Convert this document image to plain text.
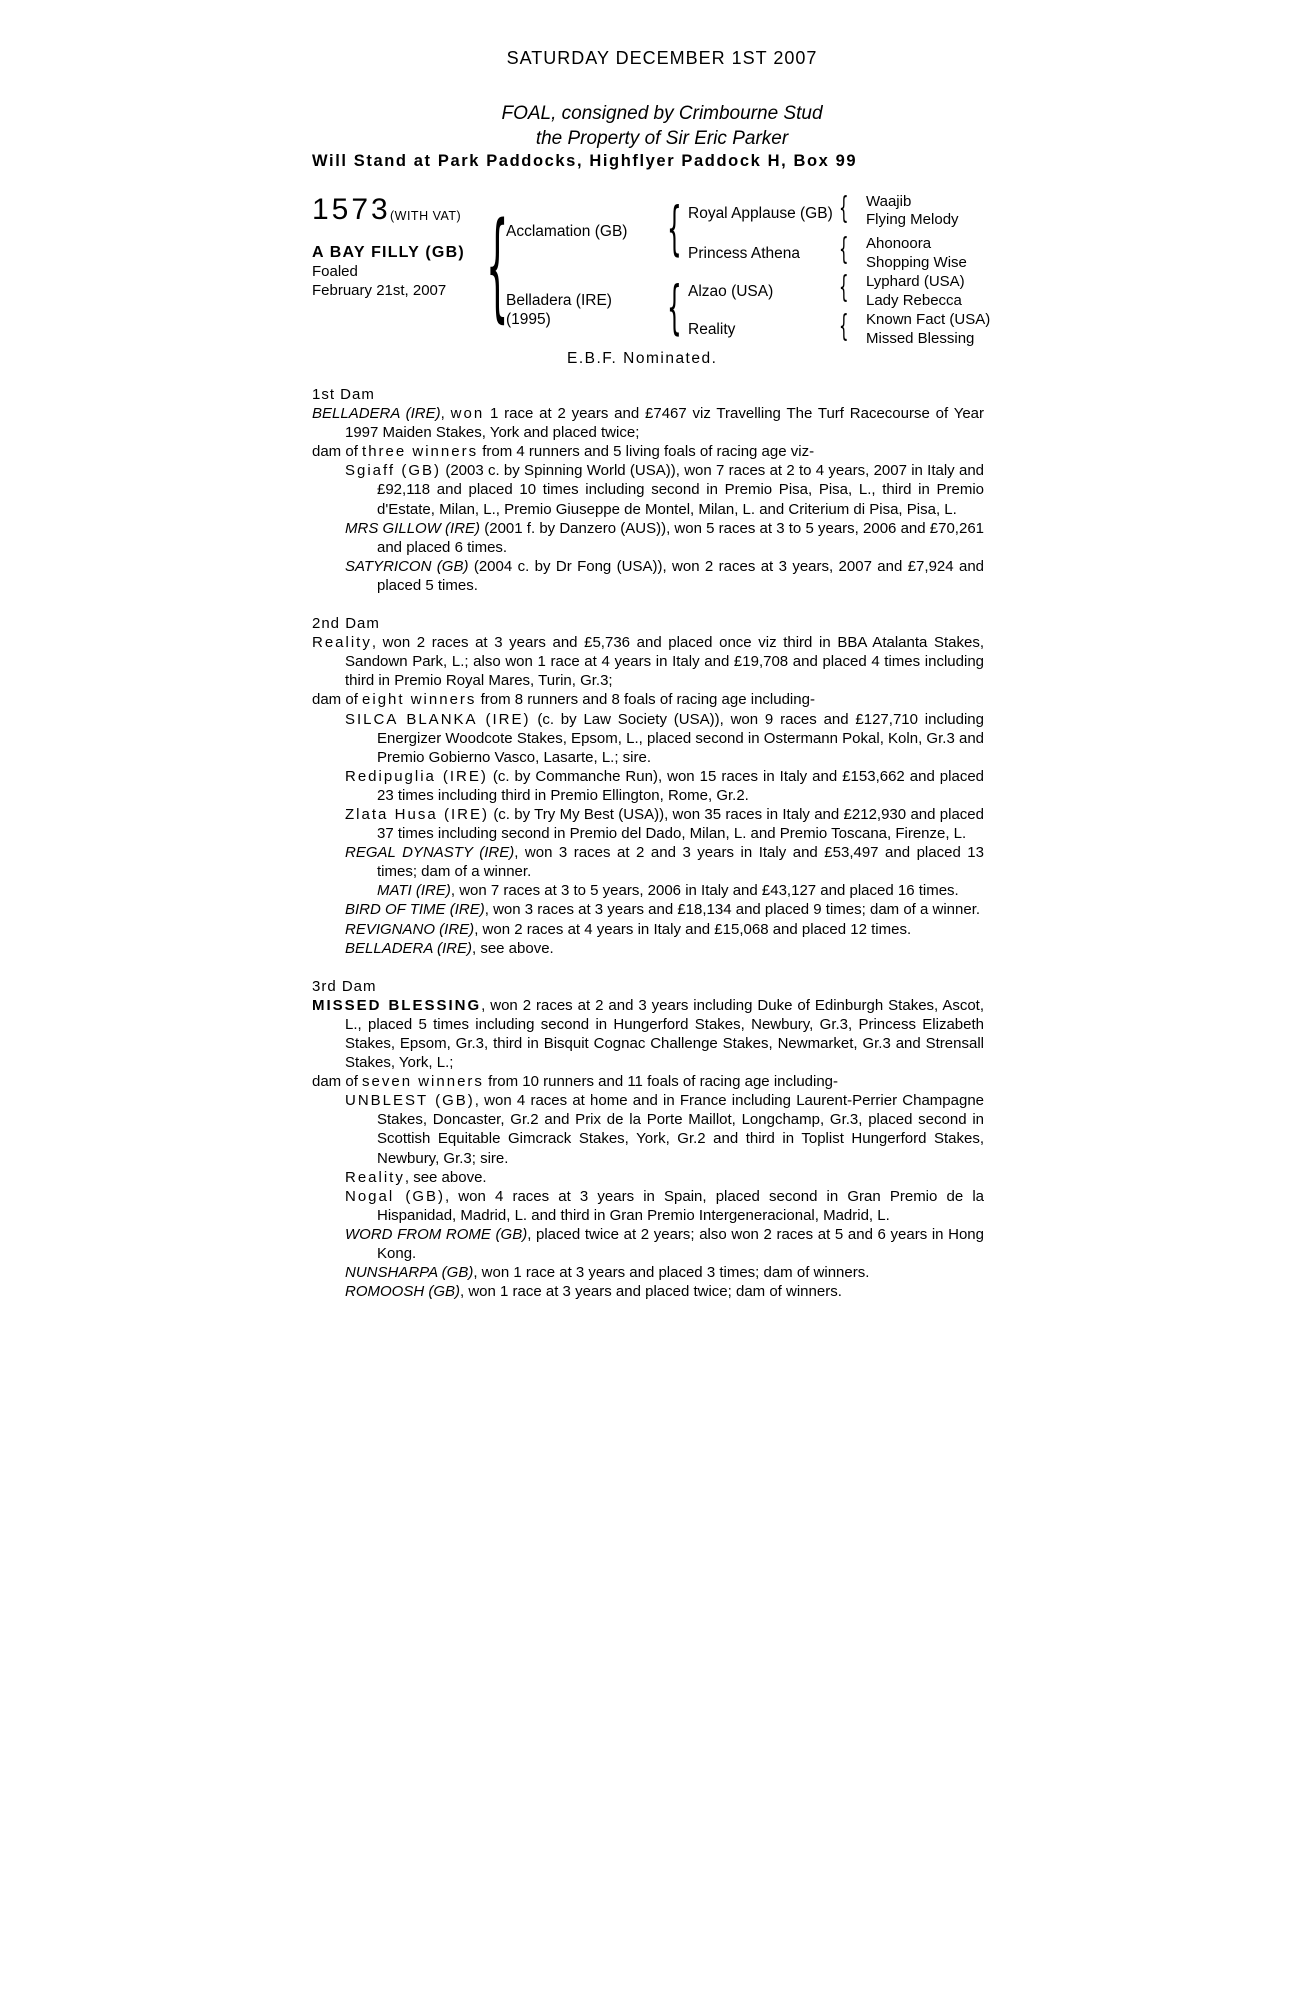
SATURDAY DECEMBER 1ST 2007
FOAL, consigned by Crimbourne Stud
the Property of Sir Eric Parker
Will Stand at Park Paddocks, Highflyer Paddock H, Box 99
1573 (WITH VAT)
A BAY FILLY (GB)
Foaled
February 21st, 2007 {	{
{
{
{
{
{
Acclamation (GB)
Belladera (IRE)
(1995)
Royal Applause (GB)
Princess Athena
Alzao (USA)
Reality
Waajib
Flying Melody
Ahonoora
Shopping Wise
Lyphard (USA)
Lady Rebecca
Known Fact (USA)
Missed Blessing
E.B.F. Nominated.

1st Dam

BELLADERA (IRE), won 1 race at 2 years and £7467 viz Travelling The Turf Racecourse of Year 1997 Maiden Stakes, York and placed twice;

dam of three winners from 4 runners and 5 living foals of racing age viz-

Sgiaff (GB) (2003 c. by Spinning World (USA)), won 7 races at 2 to 4 years, 2007 in Italy and £92,118 and placed 10 times including second in Premio Pisa, Pisa, L., third in Premio d'Estate, Milan, L., Premio Giuseppe de Montel, Milan, L. and Criterium di Pisa, Pisa, L.

MRS GILLOW (IRE) (2001 f. by Danzero (AUS)), won 5 races at 3 to 5 years, 2006 and £70,261 and placed 6 times.

SATYRICON (GB) (2004 c. by Dr Fong (USA)), won 2 races at 3 years, 2007 and £7,924 and placed 5 times.

2nd Dam

Reality, won 2 races at 3 years and £5,736 and placed once viz third in BBA Atalanta Stakes, Sandown Park, L.; also won 1 race at 4 years in Italy and £19,708 and placed 4 times including third in Premio Royal Mares, Turin, Gr.3;

dam of eight winners from 8 runners and 8 foals of racing age including-

SILCA BLANKA (IRE) (c. by Law Society (USA)), won 9 races and £127,710 including Energizer Woodcote Stakes, Epsom, L., placed second in Ostermann Pokal, Koln, Gr.3 and Premio Gobierno Vasco, Lasarte, L.; sire.

Redipuglia (IRE) (c. by Commanche Run), won 15 races in Italy and £153,662 and placed 23 times including third in Premio Ellington, Rome, Gr.2.

Zlata Husa (IRE) (c. by Try My Best (USA)), won 35 races in Italy and £212,930 and placed 37 times including second in Premio del Dado, Milan, L. and Premio Toscana, Firenze, L.

REGAL DYNASTY (IRE), won 3 races at 2 and 3 years in Italy and £53,497 and placed 13 times; dam of a winner.

MATI (IRE), won 7 races at 3 to 5 years, 2006 in Italy and £43,127 and placed 16 times.

BIRD OF TIME (IRE), won 3 races at 3 years and £18,134 and placed 9 times; dam of a winner.

REVIGNANO (IRE), won 2 races at 4 years in Italy and £15,068 and placed 12 times.

BELLADERA (IRE), see above.

3rd Dam

MISSED BLESSING, won 2 races at 2 and 3 years including Duke of Edinburgh Stakes, Ascot, L., placed 5 times including second in Hungerford Stakes, Newbury, Gr.3, Princess Elizabeth Stakes, Epsom, Gr.3, third in Bisquit Cognac Challenge Stakes, Newmarket, Gr.3 and Strensall Stakes, York, L.;

dam of seven winners from 10 runners and 11 foals of racing age including-

UNBLEST (GB), won 4 races at home and in France including Laurent-Perrier Champagne Stakes, Doncaster, Gr.2 and Prix de la Porte Maillot, Longchamp, Gr.3, placed second in Scottish Equitable Gimcrack Stakes, York, Gr.2 and third in Toplist Hungerford Stakes, Newbury, Gr.3; sire.

Reality, see above.

Nogal (GB), won 4 races at 3 years in Spain, placed second in Gran Premio de la Hispanidad, Madrid, L. and third in Gran Premio Intergeneracional, Madrid, L.

WORD FROM ROME (GB), placed twice at 2 years; also won 2 races at 5 and 6 years in Hong Kong.

NUNSHARPA (GB), won 1 race at 3 years and placed 3 times; dam of winners.

ROMOOSH (GB), won 1 race at 3 years and placed twice; dam of winners.
